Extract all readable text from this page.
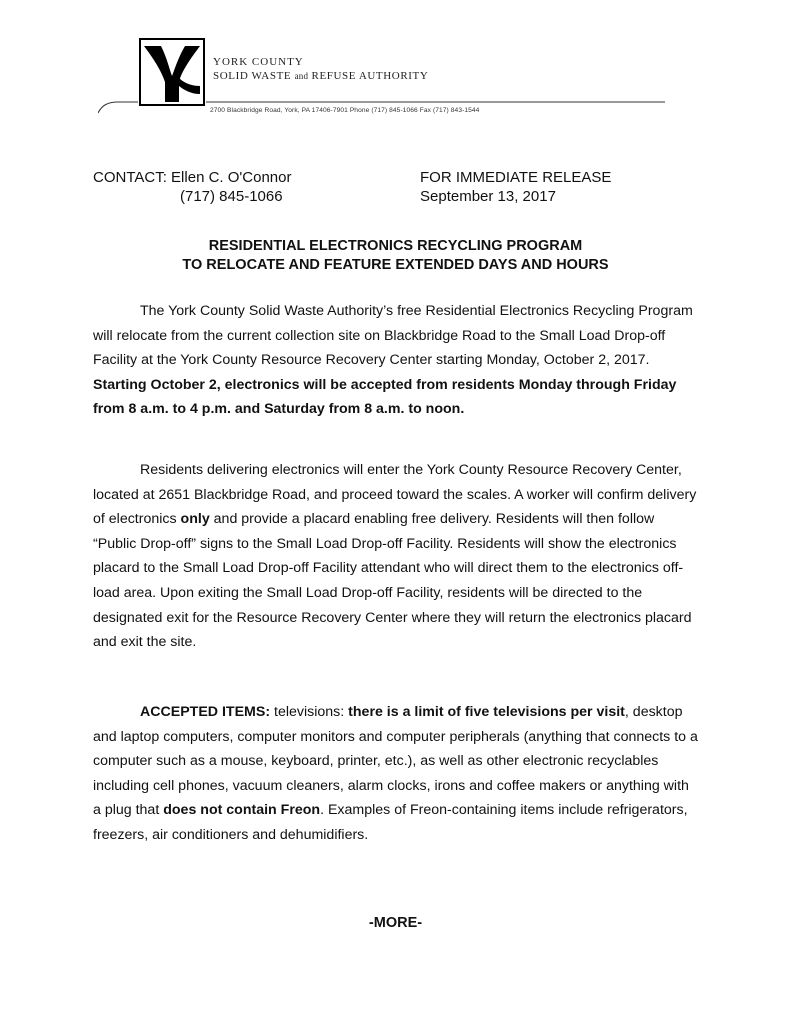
YORK COUNTY
SOLID WASTE and REFUSE AUTHORITY
2700 Blackbridge Road, York, PA 17406-7901 Phone (717) 845-1066 Fax (717) 843-1544
CONTACT: Ellen C. O'Connor
(717) 845-1066
FOR IMMEDIATE RELEASE
September 13, 2017
RESIDENTIAL ELECTRONICS RECYCLING PROGRAM
TO RELOCATE AND FEATURE EXTENDED DAYS AND HOURS
The York County Solid Waste Authority’s free Residential Electronics Recycling Program will relocate from the current collection site on Blackbridge Road to the Small Load Drop-off Facility at the York County Resource Recovery Center starting Monday, October 2, 2017. Starting October 2, electronics will be accepted from residents Monday through Friday from 8 a.m. to 4 p.m. and Saturday from 8 a.m. to noon.
Residents delivering electronics will enter the York County Resource Recovery Center, located at 2651 Blackbridge Road, and proceed toward the scales. A worker will confirm delivery of electronics only and provide a placard enabling free delivery. Residents will then follow “Public Drop-off” signs to the Small Load Drop-off Facility. Residents will show the electronics placard to the Small Load Drop-off Facility attendant who will direct them to the electronics off-load area. Upon exiting the Small Load Drop-off Facility, residents will be directed to the designated exit for the Resource Recovery Center where they will return the electronics placard and exit the site.
ACCEPTED ITEMS: televisions: there is a limit of five televisions per visit, desktop and laptop computers, computer monitors and computer peripherals (anything that connects to a computer such as a mouse, keyboard, printer, etc.), as well as other electronic recyclables including cell phones, vacuum cleaners, alarm clocks, irons and coffee makers or anything with a plug that does not contain Freon. Examples of Freon-containing items include refrigerators, freezers, air conditioners and dehumidifiers.
-MORE-
